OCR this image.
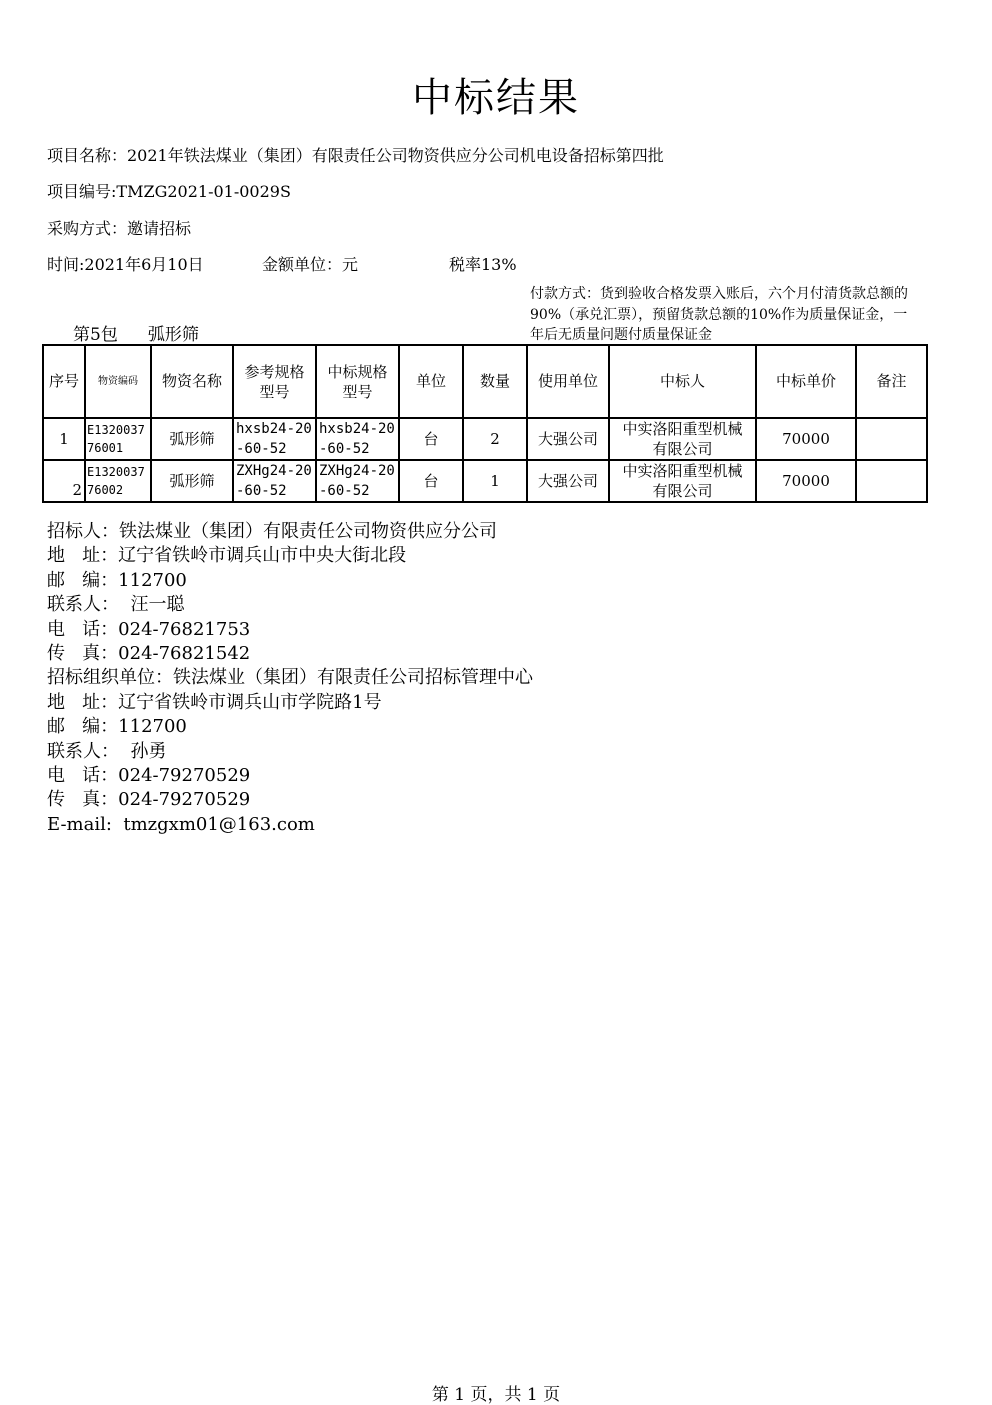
中标结果
项目名称：2021年铁法煤业（集团）有限责任公司物资供应分公司机电设备招标第四批
项目编号:TMZG2021-01-0029S
采购方式：邀请招标
时间:2021年6月10日	金额单位：元	税率13%
付款方式：货到验收合格发票入账后，六个月付清货款总额的90%（承兑汇票），预留货款总额的10%作为质量保证金，一年后无质量问题付质量保证金
第5包 弧形筛
序号	物资编码	物资名称	参考规格型号	中标规格型号	单位	数量	使用单位	中标人	中标单价	备注
1	E132003776001	弧形筛	hxsb24-20-60-52	hxsb24-20-60-52	台	2	大强公司	中实洛阳重型机械有限公司	70000	
2	E132003776002	弧形筛	ZXHg24-20-60-52	ZXHg24-20-60-52	台	1	大强公司	中实洛阳重型机械有限公司	70000	
招标人：铁法煤业（集团）有限责任公司物资供应分公司
地   址：辽宁省铁岭市调兵山市中央大街北段
邮   编：112700
联系人：  汪一聪
电   话：024-76821753
传   真：024-76821542
招标组织单位：铁法煤业（集团）有限责任公司招标管理中心
地   址：辽宁省铁岭市调兵山市学院路1号
邮   编：112700
联系人：  孙勇
电   话：024-79270529
传   真：024-79270529
E-mail:  tmzgxm01@163.com
第 1 页，共 1 页
